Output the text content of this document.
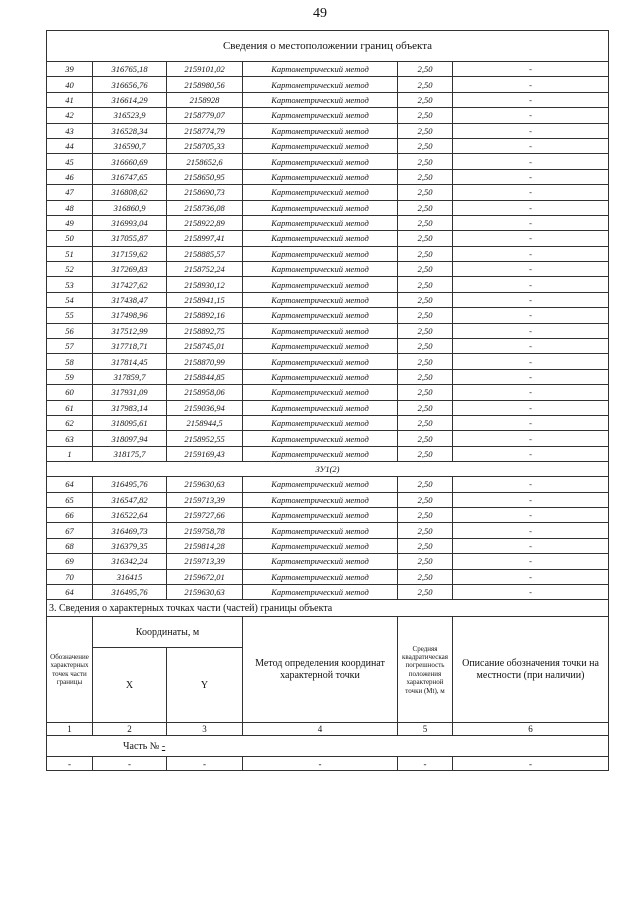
49
Сведения о местоположении границ объекта					
39	316765,18	2159101,02	Картометрический метод	2,50	-
40	316656,76	2158980,56	Картометрический метод	2,50	-
41	316614,29	2158928	Картометрический метод	2,50	-
42	316523,9	2158779,07	Картометрический метод	2,50	-
43	316528,34	2158774,79	Картометрический метод	2,50	-
44	316590,7	2158705,33	Картометрический метод	2,50	-
45	316660,69	2158652,6	Картометрический метод	2,50	-
46	316747,65	2158650,95	Картометрический метод	2,50	-
47	316808,62	2158690,73	Картометрический метод	2,50	-
48	316860,9	2158736,08	Картометрический метод	2,50	-
49	316993,04	2158922,89	Картометрический метод	2,50	-
50	317055,87	2158997,41	Картометрический метод	2,50	-
51	317159,62	2158885,57	Картометрический метод	2,50	-
52	317269,83	2158752,24	Картометрический метод	2,50	-
53	317427,62	2158930,12	Картометрический метод	2,50	-
54	317438,47	2158941,15	Картометрический метод	2,50	-
55	317498,96	2158892,16	Картометрический метод	2,50	-
56	317512,99	2158892,75	Картометрический метод	2,50	-
57	317718,71	2158745,01	Картометрический метод	2,50	-
58	317814,45	2158870,99	Картометрический метод	2,50	-
59	317859,7	2158844,85	Картометрический метод	2,50	-
60	317931,09	2158958,06	Картометрический метод	2,50	-
61	317983,14	2159036,94	Картометрический метод	2,50	-
62	318095,61	2158944,5	Картометрический метод	2,50	-
63	318097,94	2158952,55	Картометрический метод	2,50	-
1	318175,7	2159169,43	Картометрический метод	2,50	-
ЗУ1(2)					
64	316495,76	2159630,63	Картометрический метод	2,50	-
65	316547,82	2159713,39	Картометрический метод	2,50	-
66	316522,64	2159727,66	Картометрический метод	2,50	-
67	316469,73	2159758,78	Картометрический метод	2,50	-
68	316379,35	2159814,28	Картометрический метод	2,50	-
69	316342,24	2159713,39	Картометрический метод	2,50	-
70	316415	2159672,01	Картометрический метод	2,50	-
64	316495,76	2159630,63	Картометрический метод	2,50	-
3. Сведения о характерных точках части (частей) границы объекта					
Обозначение характерных точек части границы	Координаты, м		Метод определения координат характерной точки	Средняя квадратическая погрешность положения характерной точки (Mt), м	Описание обозначения точки на местности (при наличии)
	X	Y			
1	2	3	4	5	6
Часть № -					
-	-	-	-	-	-
